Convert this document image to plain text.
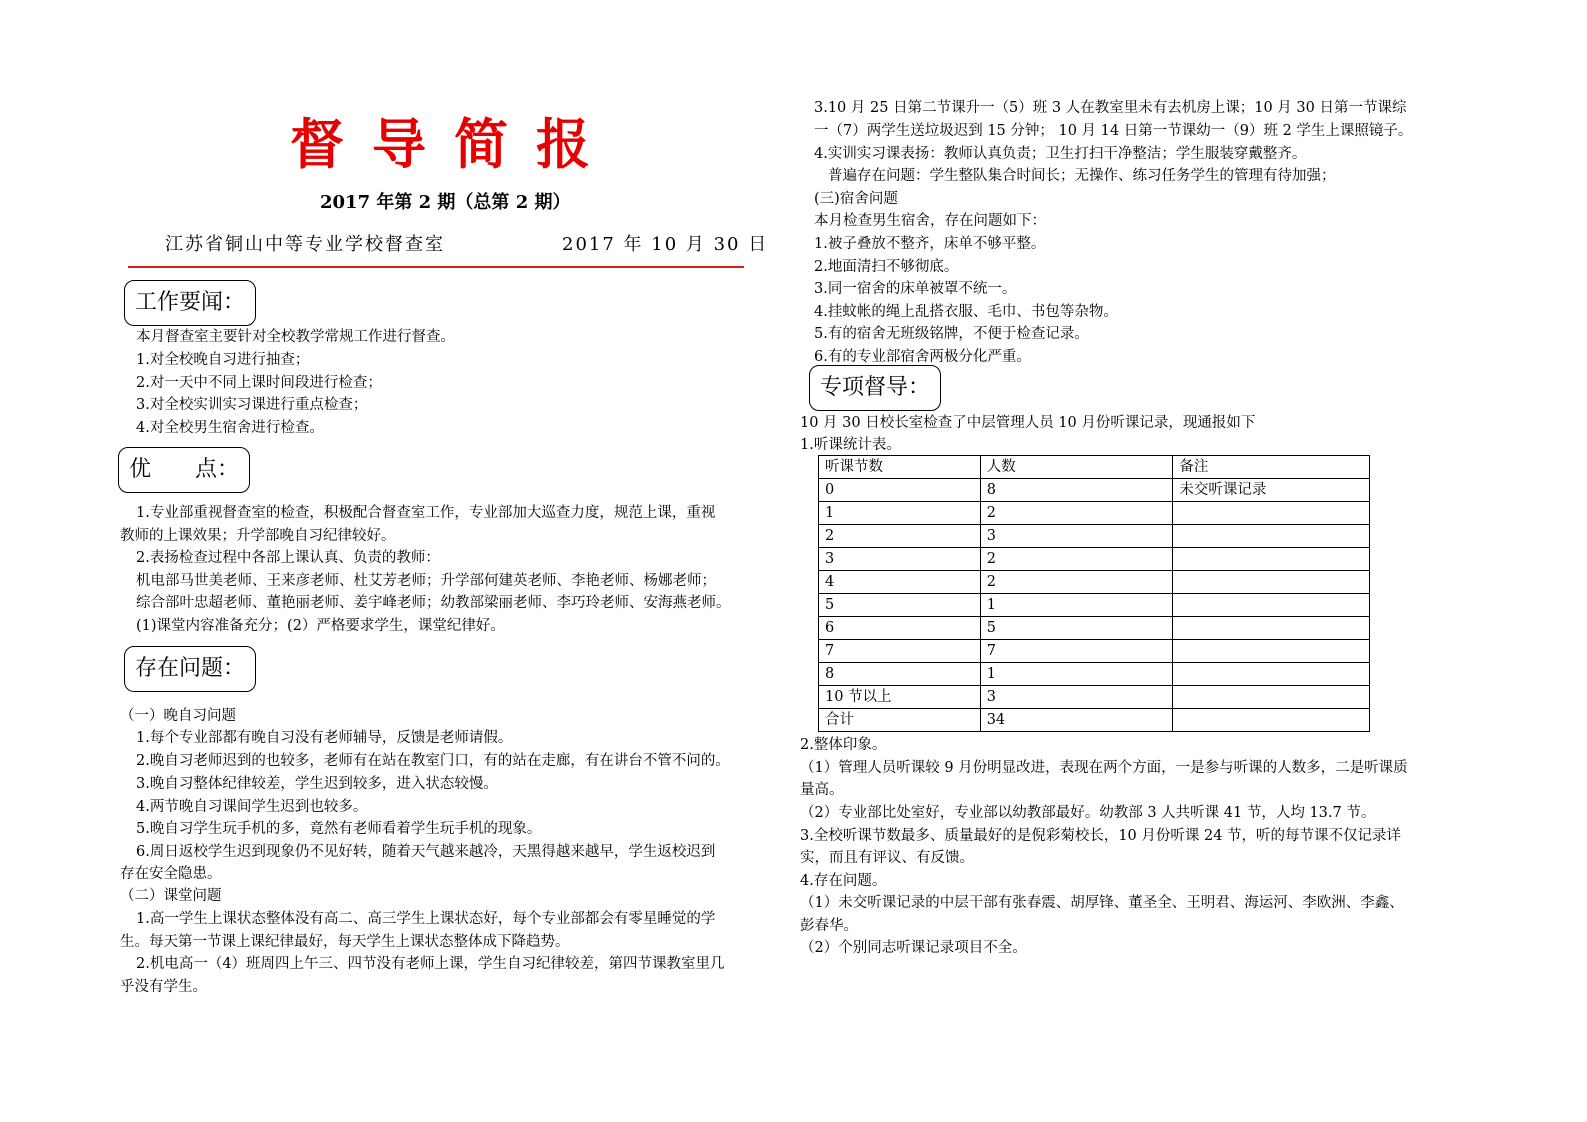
督导简报
2017 年第 2 期（总第 2 期）
江苏省铜山中等专业学校督查室	2017 年 10 月 30 日
工作要闻：
本月督查室主要针对全校教学常规工作进行督查。
1.对全校晚自习进行抽查；
2.对一天中不同上课时间段进行检查；
3.对全校实训实习课进行重点检查；
4.对全校男生宿舍进行检查。
优　　点：
1.专业部重视督查室的检查，积极配合督查室工作，专业部加大巡查力度，规范上课，重视
教师的上课效果；升学部晚自习纪律较好。
2.表扬检查过程中各部上课认真、负责的教师：
机电部马世美老师、王来彦老师、杜艾芳老师；升学部何建英老师、李艳老师、杨娜老师；
综合部叶忠超老师、董艳丽老师、姜宇峰老师；幼教部梁丽老师、李巧玲老师、安海燕老师。
(1)课堂内容准备充分；(2）严格要求学生，课堂纪律好。
存在问题：
（一）晚自习问题
1.每个专业部都有晚自习没有老师辅导，反馈是老师请假。
2.晚自习老师迟到的也较多，老师有在站在教室门口，有的站在走廊，有在讲台不管不问的。
3.晚自习整体纪律较差，学生迟到较多，进入状态较慢。
4.两节晚自习课间学生迟到也较多。
5.晚自习学生玩手机的多，竟然有老师看着学生玩手机的现象。
6.周日返校学生迟到现象仍不见好转，随着天气越来越冷，天黑得越来越早，学生返校迟到
存在安全隐患。
（二）课堂问题
1.高一学生上课状态整体没有高二、高三学生上课状态好，每个专业部都会有零星睡觉的学
生。每天第一节课上课纪律最好，每天学生上课状态整体成下降趋势。
2.机电高一（4）班周四上午三、四节没有老师上课，学生自习纪律较差，第四节课教室里几
乎没有学生。
3.10 月 25 日第二节课升一（5）班 3 人在教室里未有去机房上课；10 月 30 日第一节课综
一（7）两学生送垃圾迟到 15 分钟； 10 月 14 日第一节课幼一（9）班 2 学生上课照镜子。
4.实训实习课表扬：教师认真负责；卫生打扫干净整洁；学生服装穿戴整齐。
普遍存在问题：学生整队集合时间长；无操作、练习任务学生的管理有待加强；
(三)宿舍问题
本月检查男生宿舍，存在问题如下：
1.被子叠放不整齐，床单不够平整。
2.地面清扫不够彻底。
3.同一宿舍的床单被罩不统一。
4.挂蚊帐的绳上乱搭衣服、毛巾、书包等杂物。
5.有的宿舍无班级铭牌，不便于检查记录。
6.有的专业部宿舍两极分化严重。
专项督导：
10 月 30 日校长室检查了中层管理人员 10 月份听课记录，现通报如下
1.听课统计表。
听课节数	人数	备注
0	8	未交听课记录
1	2	
2	3	
3	2	
4	2	
5	1	
6	5	
7	7	
8	1	
10 节以上	3	
合计	34	
2.整体印象。
（1）管理人员听课较 9 月份明显改进，表现在两个方面，一是参与听课的人数多，二是听课质
量高。
（2）专业部比处室好，专业部以幼教部最好。幼教部 3 人共听课 41 节，人均 13.7 节。
3.全校听课节数最多、质量最好的是倪彩菊校长，10 月份听课 24 节，听的每节课不仅记录详
实，而且有评议、有反馈。
4.存在问题。
（1）未交听课记录的中层干部有张春震、胡厚锋、董圣全、王明君、海运河、李欧洲、李鑫、
彭春华。
（2）个别同志听课记录项目不全。
